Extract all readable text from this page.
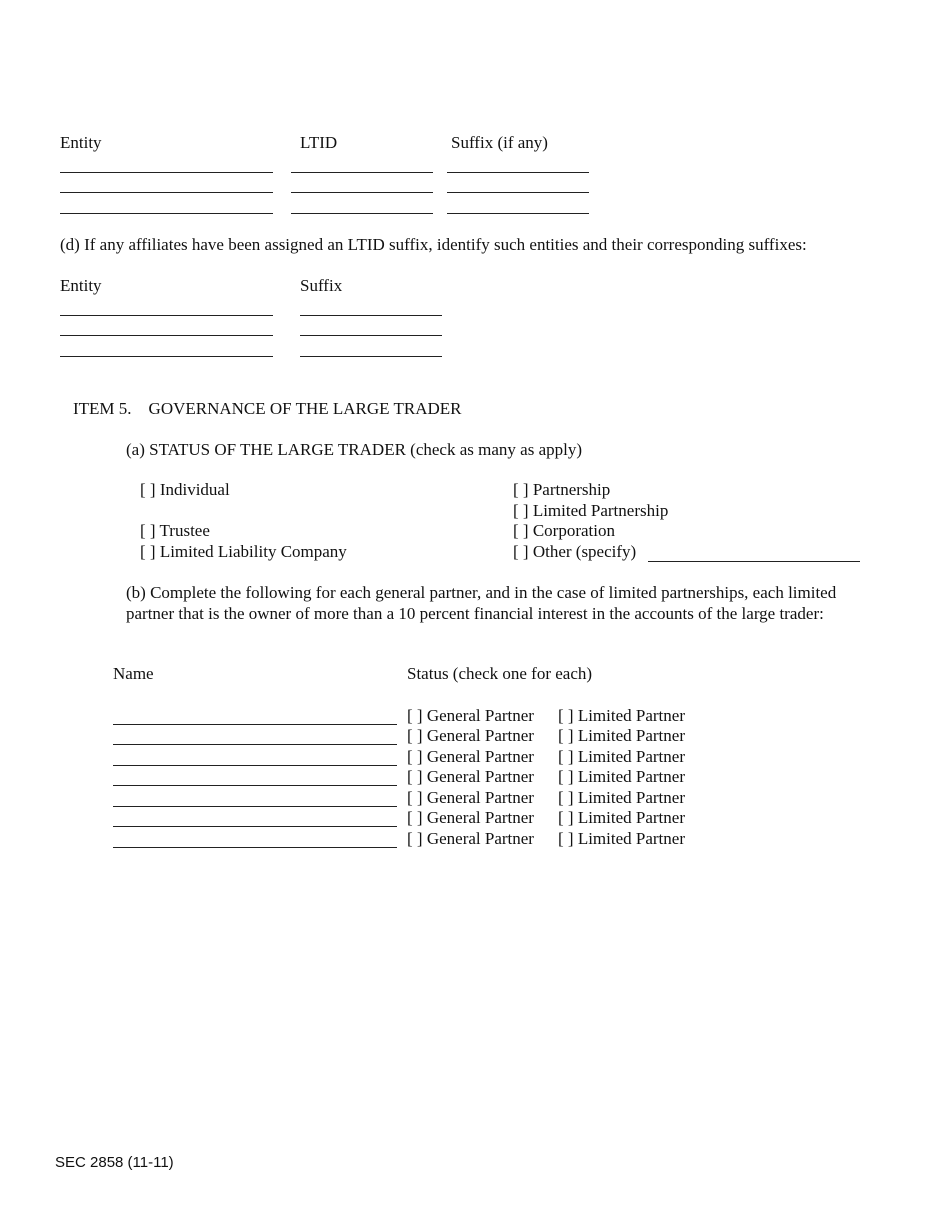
Entity	LTID	Suffix (if any)
(d) If any affiliates have been assigned an LTID suffix, identify such entities and their corresponding suffixes:
Entity	Suffix
ITEM 5.    GOVERNANCE OF THE LARGE TRADER
(a) STATUS OF THE LARGE TRADER (check as many as apply)
[ ] Individual
[ ] Trustee
[ ] Limited Liability Company
[ ] Partnership
[ ] Limited Partnership
[ ] Corporation
[ ] Other (specify)
(b) Complete the following for each general partner, and in the case of limited partnerships, each limited partner that is the owner of more than a 10 percent financial interest in the accounts of the large trader:
Name	Status (check one for each)
[ ] General Partner [ ] Limited Partner
[ ] General Partner [ ] Limited Partner
[ ] General Partner [ ] Limited Partner
[ ] General Partner [ ] Limited Partner
[ ] General Partner [ ] Limited Partner
[ ] General Partner [ ] Limited Partner
[ ] General Partner [ ] Limited Partner
SEC 2858 (11-11)
